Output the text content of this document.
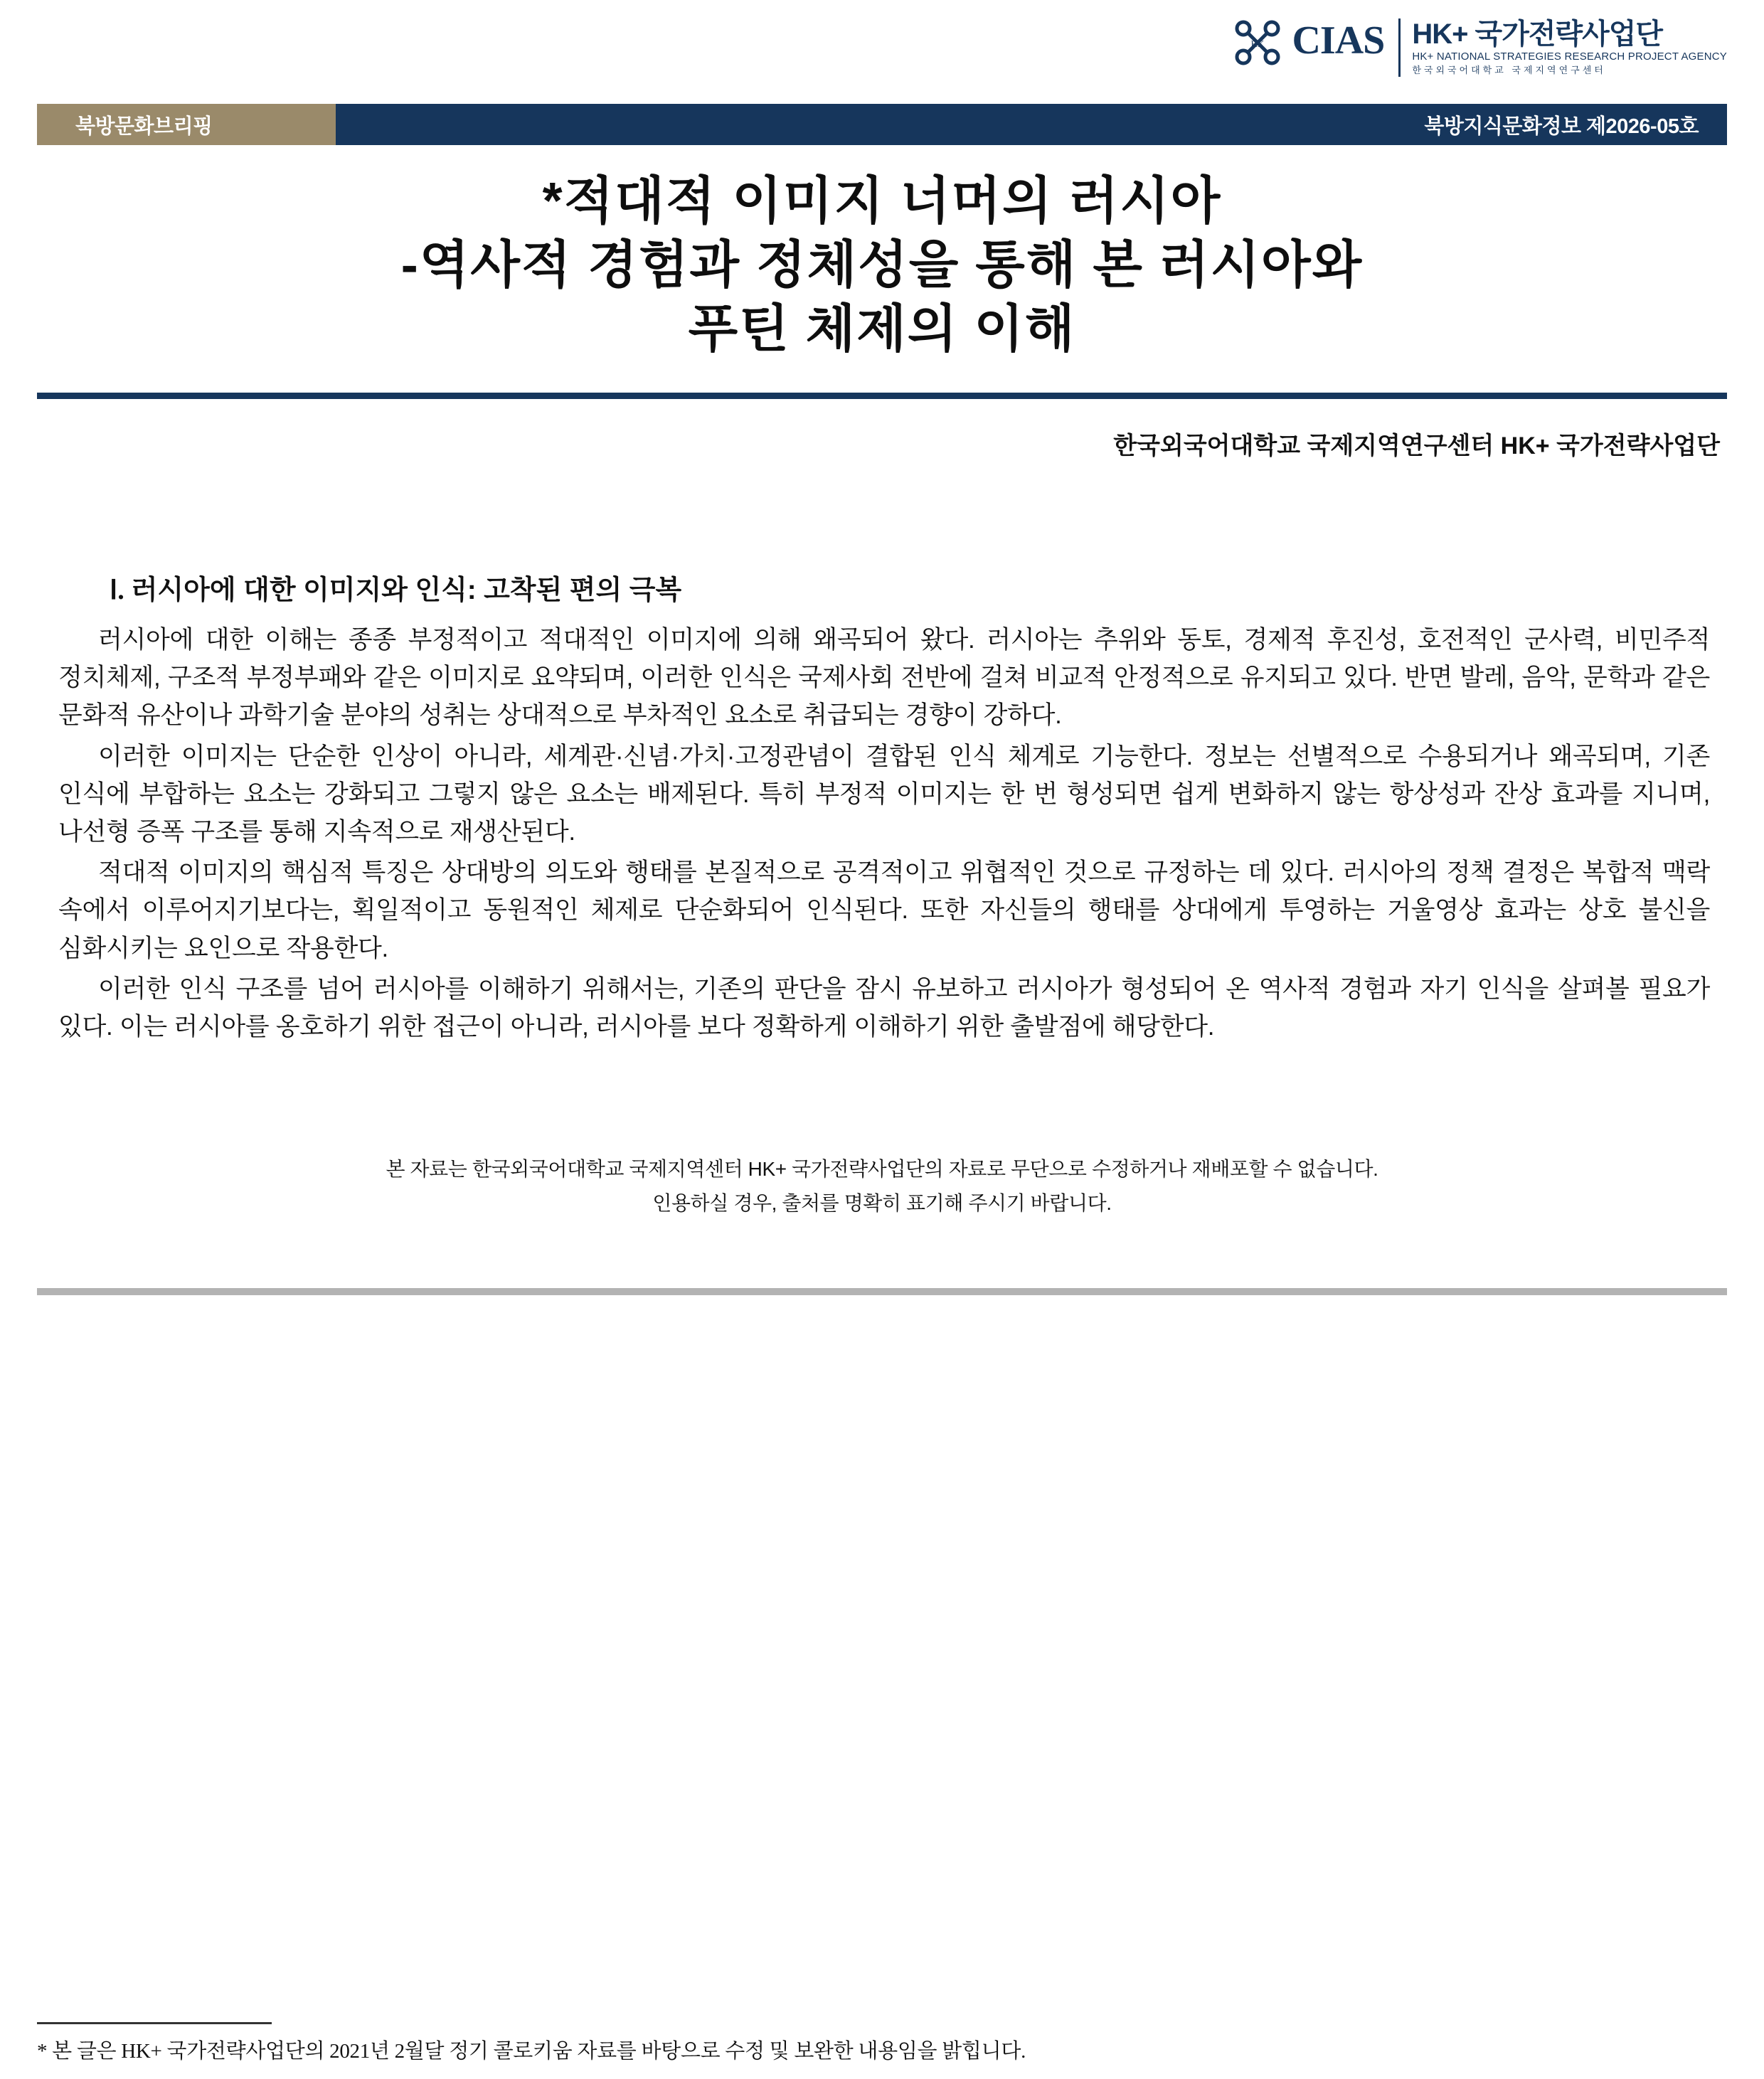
HK CIAS HK+ 국가전략사업단
HK+ NATIONAL STRATEGIES RESEARCH PROJECT AGENCY
한국외국어대학교 국제지역연구센터
북방문화브리핑	북방지식문화정보 제2026-05호
*적대적 이미지 너머의 러시아
-역사적 경험과 정체성을 통해 본 러시아와
푸틴 체제의 이해
한국외국어대학교 국제지역연구센터 HK+ 국가전략사업단
Ⅰ. 러시아에 대한 이미지와 인식: 고착된 편의 극복

러시아에 대한 이해는 종종 부정적이고 적대적인 이미지에 의해 왜곡되어 왔다. 러시아는 추위와 동토, 경제적 후진성, 호전적인 군사력, 비민주적 정치체제, 구조적 부정부패와 같은 이미지로 요약되며, 이러한 인식은 국제사회 전반에 걸쳐 비교적 안정적으로 유지되고 있다. 반면 발레, 음악, 문학과 같은 문화적 유산이나 과학기술 분야의 성취는 상대적으로 부차적인 요소로 취급되는 경향이 강하다.

이러한 이미지는 단순한 인상이 아니라, 세계관·신념·가치·고정관념이 결합된 인식 체계로 기능한다. 정보는 선별적으로 수용되거나 왜곡되며, 기존 인식에 부합하는 요소는 강화되고 그렇지 않은 요소는 배제된다. 특히 부정적 이미지는 한 번 형성되면 쉽게 변화하지 않는 항상성과 잔상 효과를 지니며, 나선형 증폭 구조를 통해 지속적으로 재생산된다.

적대적 이미지의 핵심적 특징은 상대방의 의도와 행태를 본질적으로 공격적이고 위협적인 것으로 규정하는 데 있다. 러시아의 정책 결정은 복합적 맥락 속에서 이루어지기보다는, 획일적이고 동원적인 체제로 단순화되어 인식된다. 또한 자신들의 행태를 상대에게 투영하는 거울영상 효과는 상호 불신을 심화시키는 요인으로 작용한다.

이러한 인식 구조를 넘어 러시아를 이해하기 위해서는, 기존의 판단을 잠시 유보하고 러시아가 형성되어 온 역사적 경험과 자기 인식을 살펴볼 필요가 있다. 이는 러시아를 옹호하기 위한 접근이 아니라, 러시아를 보다 정확하게 이해하기 위한 출발점에 해당한다.

본 자료는 한국외국어대학교 국제지역센터 HK+ 국가전략사업단의 자료로 무단으로 수정하거나 재배포할 수 없습니다.
인용하실 경우, 출처를 명확히 표기해 주시기 바랍니다.
* 본 글은 HK+ 국가전략사업단의 2021년 2월달 정기 콜로키움 자료를 바탕으로 수정 및 보완한 내용임을 밝힙니다.
